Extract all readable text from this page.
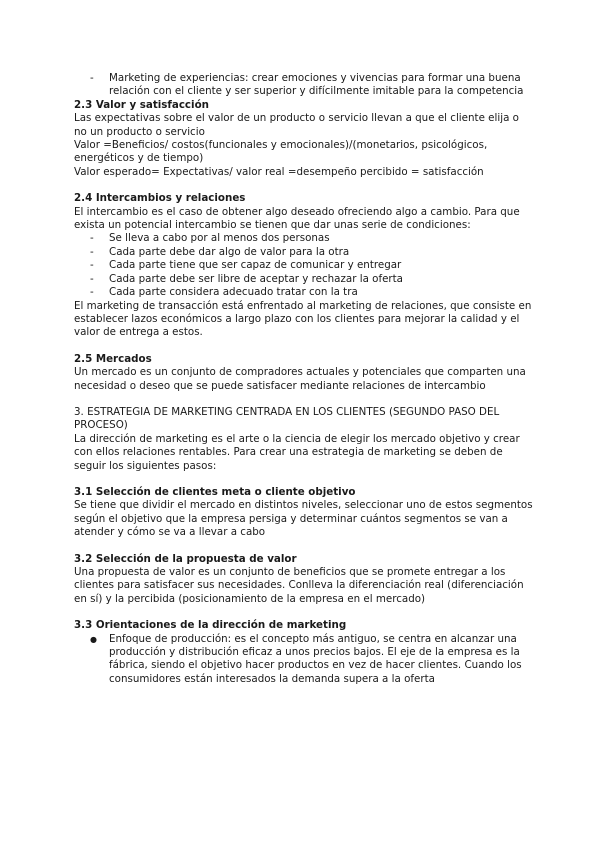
- Marketing de experiencias: crear emociones y vivencias para formar una buena relación con el cliente y ser superior y difícilmente imitable para la competencia

2.3 Valor y satisfacción

Las expectativas sobre el valor de un producto o servicio llevan a que el cliente elija o no un producto o servicio

Valor =Beneficios/ costos(funcionales y emocionales)/(monetarios, psicológicos, energéticos y de tiempo)

Valor esperado= Expectativas/ valor real =desempeño percibido = satisfacción

2.4 Intercambios y relaciones

El intercambio es el caso de obtener algo deseado ofreciendo algo a cambio. Para que exista un potencial intercambio se tienen que dar unas serie de condiciones:

- Se lleva a cabo por al menos dos personas
- Cada parte debe dar algo de valor para la otra
- Cada parte tiene que ser capaz de comunicar y entregar
- Cada parte debe ser libre de aceptar y rechazar la oferta
- Cada parte considera adecuado tratar con la tra

El marketing de transacción está enfrentado al marketing de relaciones, que consiste en establecer lazos económicos a largo plazo con los clientes para mejorar la calidad y el valor de entrega a estos.

2.5 Mercados

Un mercado es un conjunto de compradores actuales y potenciales que comparten una necesidad o deseo que se puede satisfacer mediante relaciones de intercambio

3. ESTRATEGIA DE MARKETING CENTRADA EN LOS CLIENTES (SEGUNDO PASO DEL PROCESO)

La dirección de marketing es el arte o la ciencia de elegir los mercado objetivo y crear con ellos relaciones rentables. Para crear una estrategia de marketing se deben de seguir los siguientes pasos:

3.1 Selección de clientes meta o cliente objetivo

Se tiene que dividir el mercado en distintos niveles, seleccionar uno de estos segmentos según el objetivo que la empresa persiga y determinar cuántos segmentos se van a atender y cómo se va a llevar a cabo

3.2 Selección de la propuesta de valor

Una propuesta de valor es un conjunto de beneficios que se promete entregar a los clientes para satisfacer sus necesidades. Conlleva la diferenciación real (diferenciación en sí) y la percibida (posicionamiento de la empresa en el mercado)

3.3 Orientaciones de la dirección de marketing

● Enfoque de producción: es el concepto más antiguo, se centra en alcanzar una producción y distribución eficaz a unos precios bajos. El eje de la empresa es la fábrica, siendo el objetivo hacer productos en vez de hacer clientes. Cuando los consumidores están interesados la demanda supera a la oferta
